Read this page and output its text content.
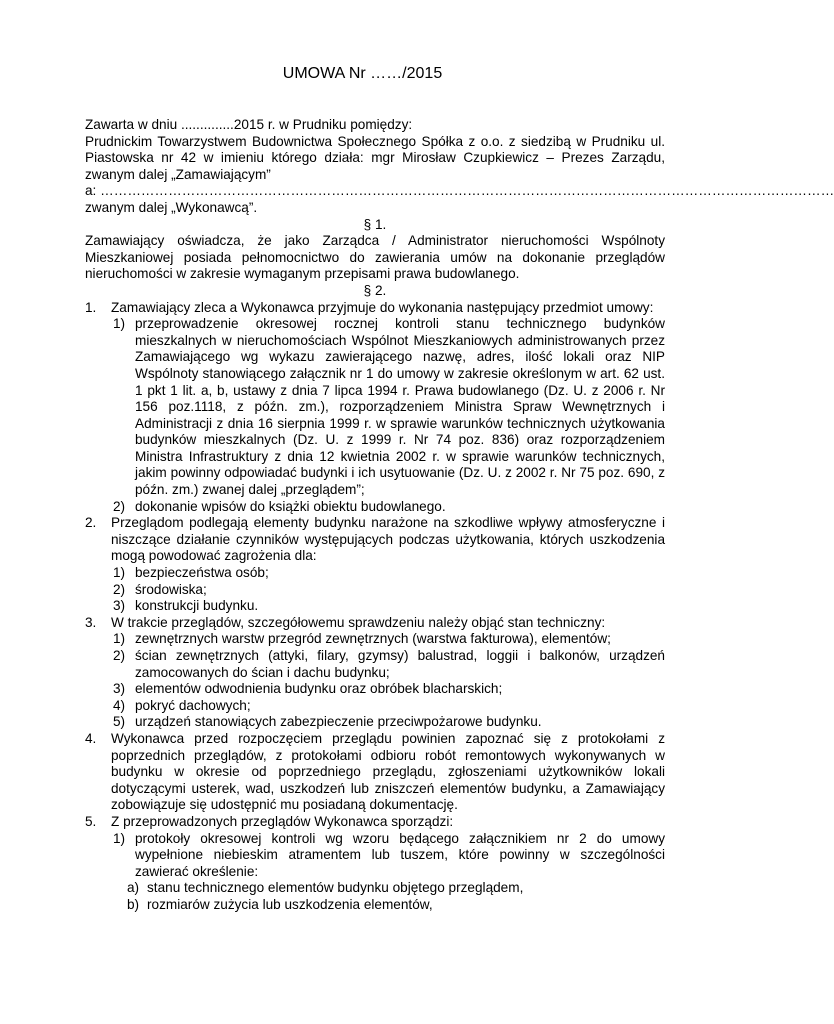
UMOWA Nr ……/2015

Zawarta w dniu ..............2015 r. w Prudniku pomiędzy:

Prudnickim Towarzystwem Budownictwa Społecznego Spółka z o.o. z siedzibą w Prudniku ul. Piastowska nr 42 w imieniu którego działa: mgr Mirosław Czupkiewicz – Prezes Zarządu, zwanym dalej „Zamawiającym”

a: ………………………………………………………………………………………………………………………………………………

zwanym dalej „Wykonawcą”.

§ 1.

Zamawiający oświadcza, że jako Zarządca / Administrator nieruchomości Wspólnoty Mieszkaniowej posiada pełnomocnictwo do zawierania umów na dokonanie przeglądów nieruchomości w zakresie wymaganym przepisami prawa budowlanego.

§ 2.

1.	Zamawiający zleca a Wykonawca przyjmuje do wykonania następujący przedmiot umowy:
1) przeprowadzenie okresowej rocznej kontroli stanu technicznego budynków mieszkalnych w nieruchomościach Wspólnot Mieszkaniowych administrowanych przez Zamawiającego wg wykazu zawierającego nazwę, adres, ilość lokali oraz NIP Wspólnoty stanowiącego załącznik nr 1 do umowy w zakresie określonym w art. 62 ust. 1 pkt 1 lit. a, b, ustawy z dnia 7 lipca 1994 r. Prawa budowlanego (Dz. U. z 2006 r. Nr 156 poz.1118, z późn. zm.), rozporządzeniem Ministra Spraw Wewnętrznych i Administracji z dnia 16 sierpnia 1999 r. w sprawie warunków technicznych użytkowania budynków mieszkalnych (Dz. U. z 1999 r. Nr 74 poz. 836) oraz rozporządzeniem Ministra Infrastruktury z dnia 12 kwietnia 2002 r. w sprawie warunków technicznych, jakim powinny odpowiadać budynki i ich usytuowanie (Dz. U. z 2002 r. Nr 75 poz. 690, z późn. zm.) zwanej dalej „przeglądem”;
2) dokonanie wpisów do książki obiektu budowlanego.
2.	Przeglądom podlegają elementy budynku narażone na szkodliwe wpływy atmosferyczne i niszczące działanie czynników występujących podczas użytkowania, których uszkodzenia mogą powodować zagrożenia dla:
1) bezpieczeństwa osób;
2) środowiska;
3) konstrukcji budynku.
3.	W trakcie przeglądów, szczegółowemu sprawdzeniu należy objąć stan techniczny:
1) zewnętrznych warstw przegród zewnętrznych (warstwa fakturowa), elementów;
2) ścian zewnętrznych (attyki, filary, gzymsy) balustrad, loggii i balkonów, urządzeń zamocowanych do ścian i dachu budynku;
3) elementów odwodnienia budynku oraz obróbek blacharskich;
4) pokryć dachowych;
5) urządzeń stanowiących zabezpieczenie przeciwpożarowe budynku.
4.	Wykonawca przed rozpoczęciem przeglądu powinien zapoznać się z protokołami z poprzednich przeglądów, z protokołami odbioru robót remontowych wykonywanych w budynku w okresie od poprzedniego przeglądu, zgłoszeniami użytkowników lokali dotyczącymi usterek, wad, uszkodzeń lub zniszczeń elementów budynku, a Zamawiający zobowiązuje się udostępnić mu posiadaną dokumentację.
5.	Z przeprowadzonych przeglądów Wykonawca sporządzi:
1) protokoły okresowej kontroli wg wzoru będącego załącznikiem nr 2 do umowy wypełnione niebieskim atramentem lub tuszem, które powinny w szczególności zawierać określenie:
a) stanu technicznego elementów budynku objętego przeglądem,
b) rozmiarów zużycia lub uszkodzenia elementów,
